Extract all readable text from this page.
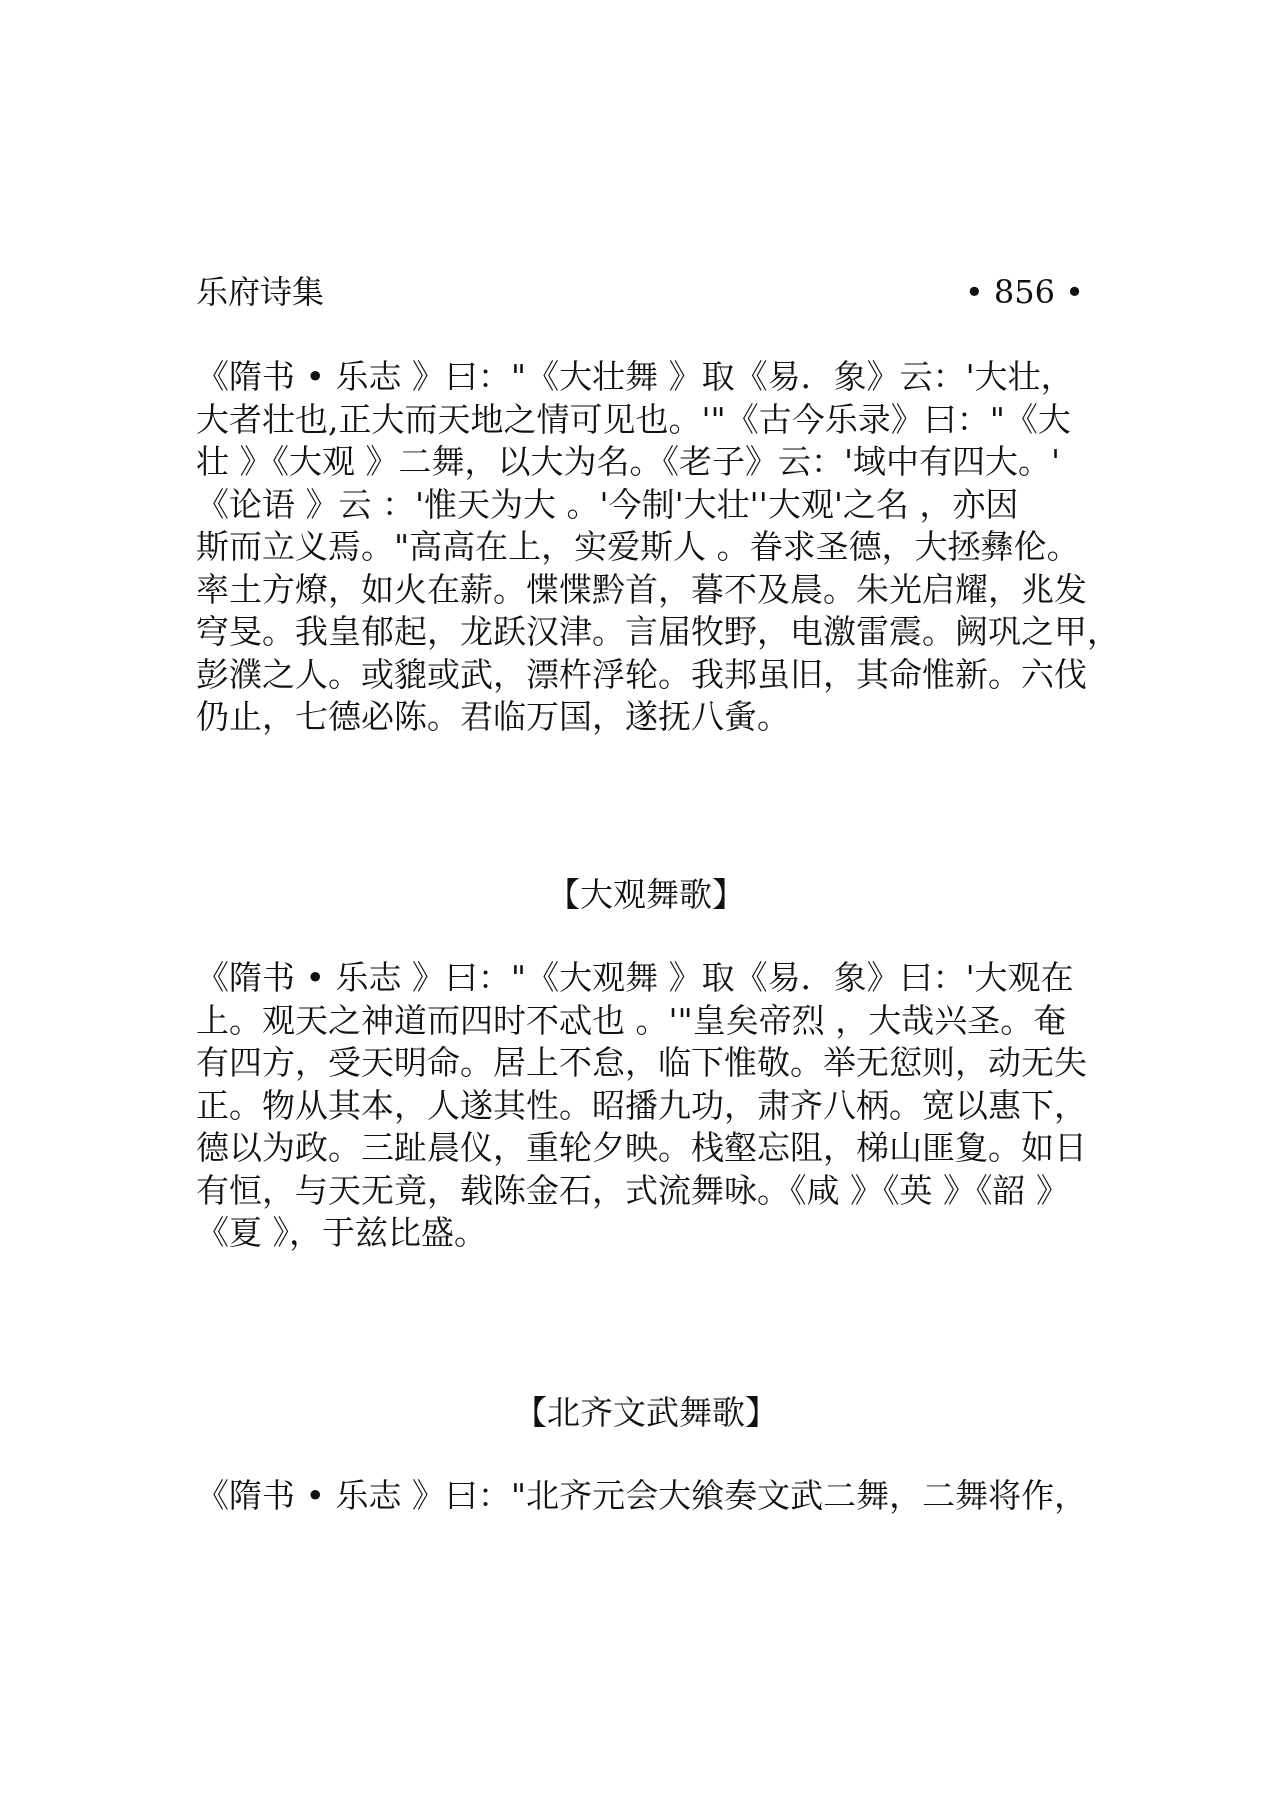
乐府诗集	• 856 •
《隋书 • 乐志 》曰："《大壮舞 》取《易．象》云：'大壮，
大者壮也,正大而天地之情可见也。'"《古今乐录》曰："《大
壮 》《大观 》二舞，以大为名。《老子》云：'域中有四大。'
《论语 》云 ：'惟天为大 。'今制'大壮''大观'之名 ，亦因
斯而立义焉。"高高在上，实爱斯人 。眷求圣德，大拯彝伦。
率土方燎，如火在薪。惵惵黔首，暮不及晨。朱光启耀，兆发
穹旻。我皇郁起，龙跃汉津。言届牧野，电激雷震。阙巩之甲，
彭濮之人。或貔或武，漂杵浮轮。我邦虽旧，其命惟新。六伐
仍止，七德必陈。君临万国，遂抚八夤。
【大观舞歌】
《隋书 • 乐志 》曰："《大观舞 》取《易．象》曰：'大观在
上。观天之神道而四时不忒也 。'"皇矣帝烈 ，大哉兴圣。奄
有四方，受天明命。居上不怠，临下惟敬。举无愆则，动无失
正。物从其本，人遂其性。昭播九功，肃齐八柄。宽以惠下，
德以为政。三趾晨仪，重轮夕映。栈壑忘阻，梯山匪夐。如日
有恒，与天无竟，载陈金石，式流舞咏。《咸 》《英 》《韶 》
《夏 》，于兹比盛。
【北齐文武舞歌】
《隋书 • 乐志 》曰："北齐元会大飨奏文武二舞，二舞将作，
